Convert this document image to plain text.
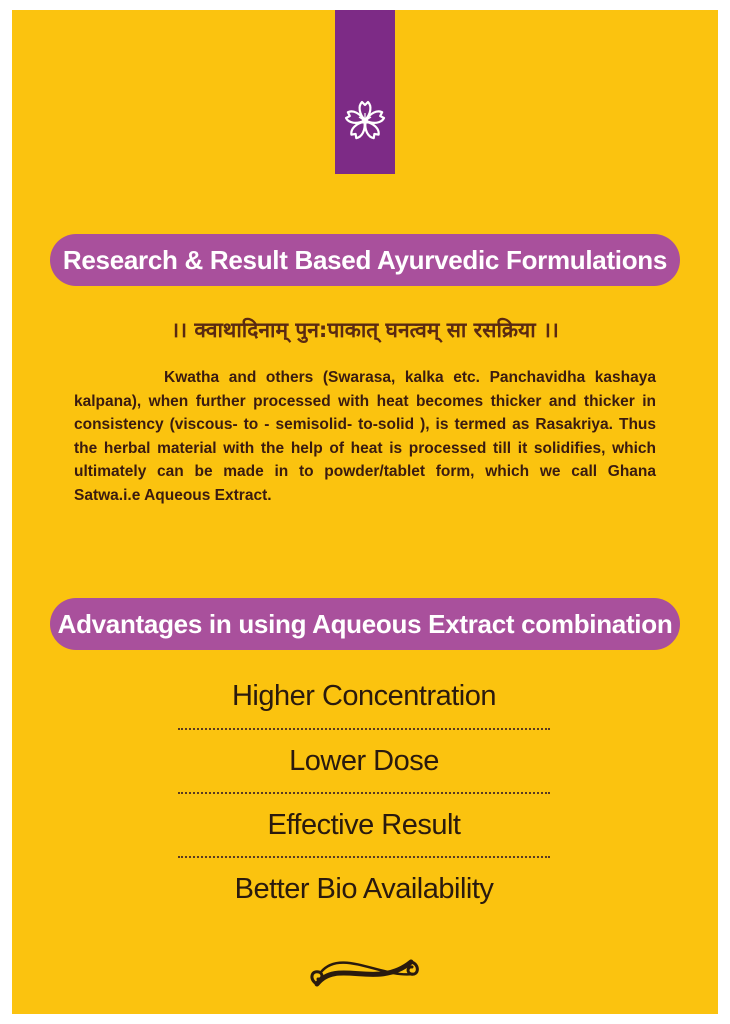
Research & Result Based Ayurvedic Formulations
।। क्वाथादिनाम् पुन:पाकात् घनत्वम् सा रसक्रिया ।।
Kwatha and others (Swarasa, kalka etc. Panchavidha kashaya kalpana), when further processed with heat becomes thicker and thicker in consistency (viscous- to - semisolid- to-solid ), is termed as Rasakriya. Thus the herbal material with the help of heat is processed till it solidifies, which ultimately can be made in to powder/tablet form, which we call Ghana Satwa.i.e Aqueous Extract.
Advantages in using Aqueous Extract combination
Higher Concentration
Lower Dose
Effective Result
Better Bio Availability
